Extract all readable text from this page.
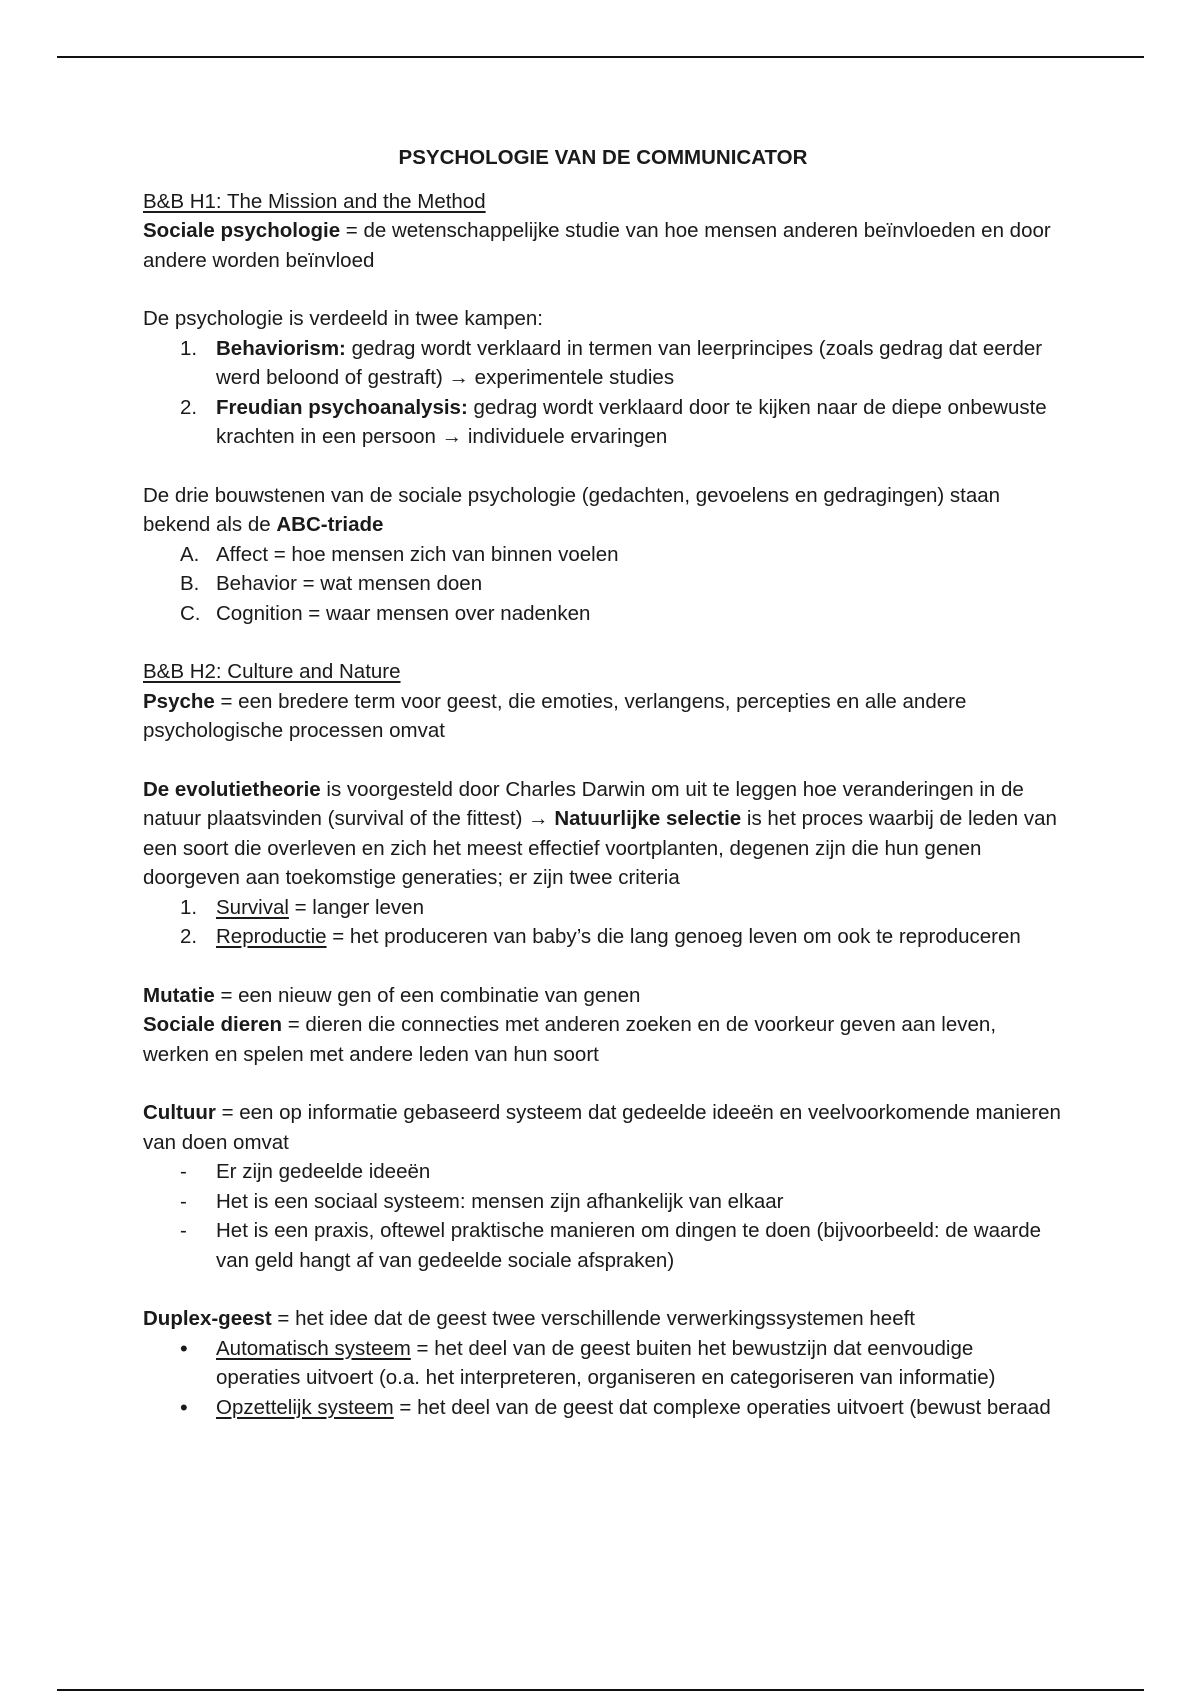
PSYCHOLOGIE VAN DE COMMUNICATOR

B&B H1: The Mission and the Method

Sociale psychologie = de wetenschappelijke studie van hoe mensen anderen beïnvloeden en door andere worden beïnvloed

De psychologie is verdeeld in twee kampen:

1. Behaviorism: gedrag wordt verklaard in termen van leerprincipes (zoals gedrag dat eerder werd beloond of gestraft) → experimentele studies
2. Freudian psychoanalysis: gedrag wordt verklaard door te kijken naar de diepe onbewuste krachten in een persoon → individuele ervaringen

De drie bouwstenen van de sociale psychologie (gedachten, gevoelens en gedragingen) staan bekend als de ABC-triade

A. Affect = hoe mensen zich van binnen voelen
B. Behavior = wat mensen doen
C. Cognition = waar mensen over nadenken

B&B H2: Culture and Nature

Psyche = een bredere term voor geest, die emoties, verlangens, percepties en alle andere psychologische processen omvat

De evolutietheorie is voorgesteld door Charles Darwin om uit te leggen hoe veranderingen in de natuur plaatsvinden (survival of the fittest) → Natuurlijke selectie is het proces waarbij de leden van een soort die overleven en zich het meest effectief voortplanten, degenen zijn die hun genen doorgeven aan toekomstige generaties; er zijn twee criteria

1. Survival = langer leven
2. Reproductie = het produceren van baby’s die lang genoeg leven om ook te reproduceren

Mutatie = een nieuw gen of een combinatie van genen

Sociale dieren = dieren die connecties met anderen zoeken en de voorkeur geven aan leven, werken en spelen met andere leden van hun soort

Cultuur = een op informatie gebaseerd systeem dat gedeelde ideeën en veelvoorkomende manieren van doen omvat

-	Er zijn gedeelde ideeën
-	Het is een sociaal systeem: mensen zijn afhankelijk van elkaar
-	Het is een praxis, oftewel praktische manieren om dingen te doen (bijvoorbeeld: de waarde van geld hangt af van gedeelde sociale afspraken)

Duplex-geest = het idee dat de geest twee verschillende verwerkingssystemen heeft

•	Automatisch systeem = het deel van de geest buiten het bewustzijn dat eenvoudige operaties uitvoert (o.a. het interpreteren, organiseren en categoriseren van informatie)
•	Opzettelijk systeem = het deel van de geest dat complexe operaties uitvoert (bewust beraad
